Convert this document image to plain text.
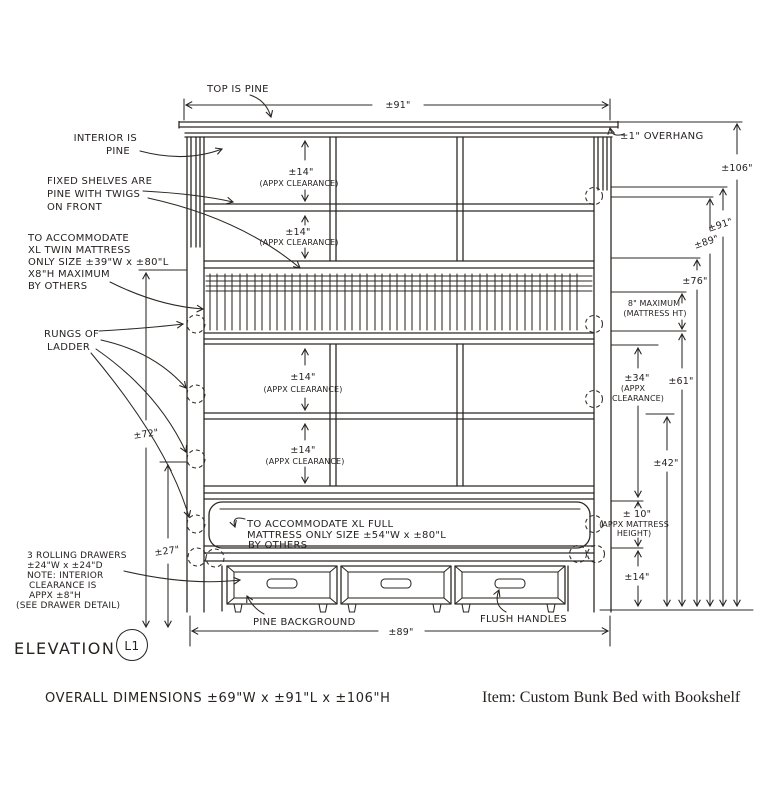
TOP IS PINE
INTERIOR IS
PINE
FIXED SHELVES ARE
PINE WITH TWIGS
ON FRONT
TO ACCOMMODATE
XL TWIN MATTRESS
ONLY SIZE ±39"W x ±80"L
X8"H MAXIMUM
BY OTHERS
RUNGS OF
LADDER
3 ROLLING DRAWERS
±24"W x ±24"D
NOTE: INTERIOR
CLEARANCE IS
APPX ±8"H
(SEE DRAWER DETAIL)
TO ACCOMMODATE XL FULL
MATTRESS ONLY SIZE ±54"W x ±80"L
BY OTHERS
PINE BACKGROUND	FLUSH HANDLES
±1" OVERHANG
±91"
±89"
±72"
±27"
±14"
(APPX CLEARANCE)
±14"
(APPX CLEARANCE)
±14"
(APPX CLEARANCE)
±14"
(APPX CLEARANCE)
±106"
±91"
±89"
±76"
8" MAXIMUM
(MATTRESS HT)
±61"
±34"
(APPX
CLEARANCE)
±42"
± 10"
(APPX MATTRESS
HEIGHT)
±14"
ELEVATION L1
OVERALL DIMENSIONS ±69"W x ±91"L x ±106"H	Item: Custom Bunk Bed with Bookshelf
